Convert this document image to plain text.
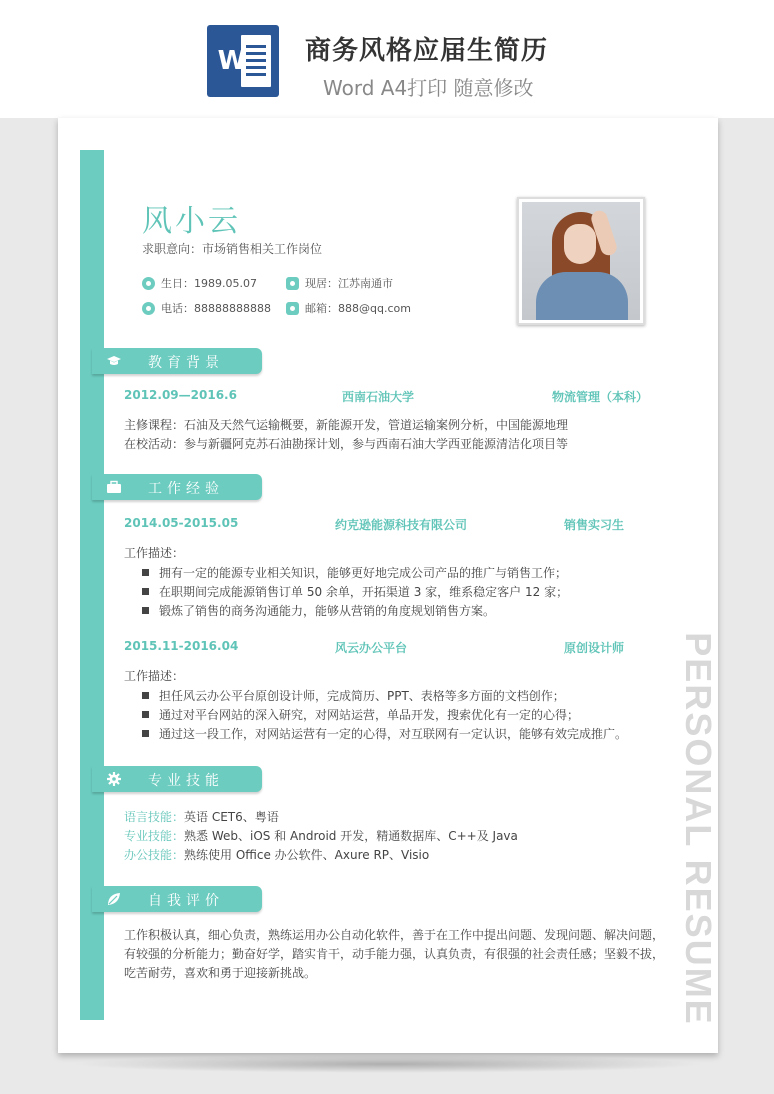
W 商务风格应届生简历
Word A4打印 随意修改
风小云
求职意向：市场销售相关工作岗位
生日：1989.05.07	现居：江苏南通市
电话：88888888888	邮箱：888@qq.com
教育背景
2012.09—2016.6	西南石油大学	物流管理（本科）
主修课程：石油及天然气运输概要，新能源开发，管道运输案例分析，中国能源地理
在校活动：参与新疆阿克苏石油勘探计划，参与西南石油大学西亚能源清洁化项目等
工作经验
2014.05-2015.05	约克逊能源科技有限公司	销售实习生
工作描述：
拥有一定的能源专业相关知识，能够更好地完成公司产品的推广与销售工作；
在职期间完成能源销售订单 50 余单，开拓渠道 3 家，维系稳定客户 12 家；
锻炼了销售的商务沟通能力，能够从营销的角度规划销售方案。
2015.11-2016.04	风云办公平台	原创设计师
工作描述：
担任风云办公平台原创设计师，完成简历、PPT、表格等多方面的文档创作；
通过对平台网站的深入研究，对网站运营，单品开发，搜索优化有一定的心得；
通过这一段工作，对网站运营有一定的心得，对互联网有一定认识，能够有效完成推广。
专业技能
语言技能：英语 CET6、粤语
专业技能：熟悉 Web、iOS 和 Android 开发，精通数据库、C++及 Java
办公技能：熟练使用 Office 办公软件、Axure RP、Visio
自我评价
工作积极认真，细心负责，熟练运用办公自动化软件，善于在工作中提出问题、发现问题、解决问题，
有较强的分析能力；勤奋好学，踏实肯干，动手能力强，认真负责，有很强的社会责任感；坚毅不拔，
吃苦耐劳，喜欢和勇于迎接新挑战。	PERSONAL RESUME
